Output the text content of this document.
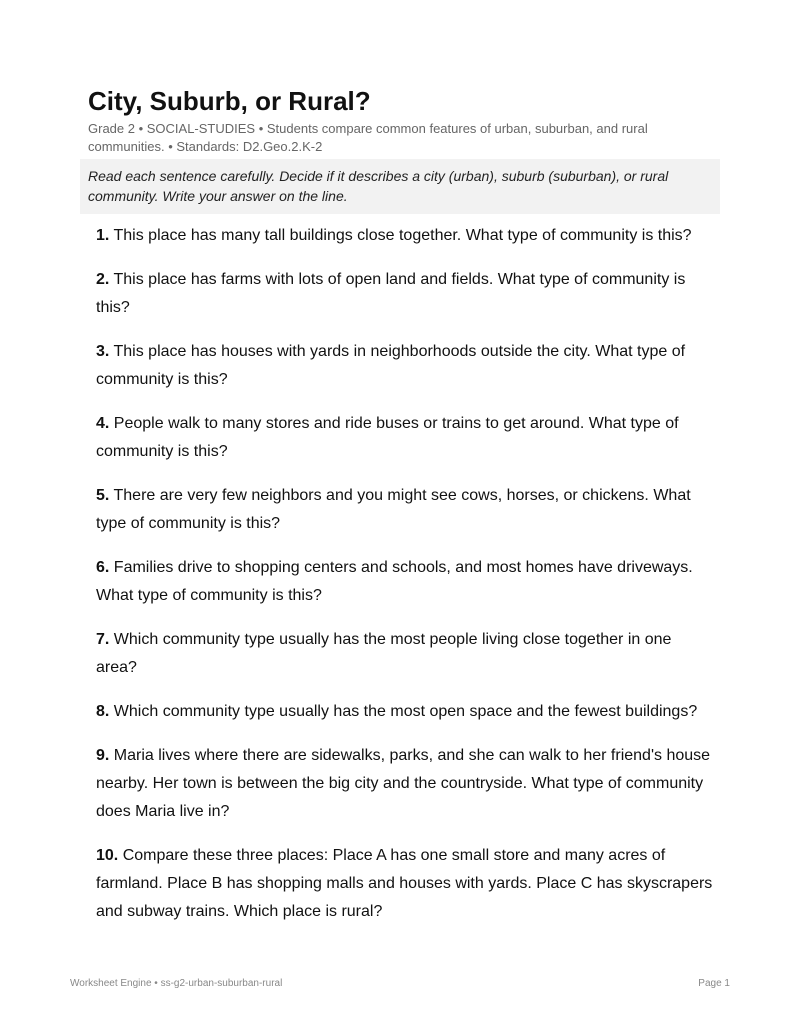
City, Suburb, or Rural?
Grade 2 • SOCIAL-STUDIES • Students compare common features of urban, suburban, and rural communities. • Standards: D2.Geo.2.K-2
Read each sentence carefully. Decide if it describes a city (urban), suburb (suburban), or rural community. Write your answer on the line.
1. This place has many tall buildings close together. What type of community is this?
2. This place has farms with lots of open land and fields. What type of community is this?
3. This place has houses with yards in neighborhoods outside the city. What type of community is this?
4. People walk to many stores and ride buses or trains to get around. What type of community is this?
5. There are very few neighbors and you might see cows, horses, or chickens. What type of community is this?
6. Families drive to shopping centers and schools, and most homes have driveways. What type of community is this?
7. Which community type usually has the most people living close together in one area?
8. Which community type usually has the most open space and the fewest buildings?
9. Maria lives where there are sidewalks, parks, and she can walk to her friend's house nearby. Her town is between the big city and the countryside. What type of community does Maria live in?
10. Compare these three places: Place A has one small store and many acres of farmland. Place B has shopping malls and houses with yards. Place C has skyscrapers and subway trains. Which place is rural?
Worksheet Engine • ss-g2-urban-suburban-rural	Page 1
